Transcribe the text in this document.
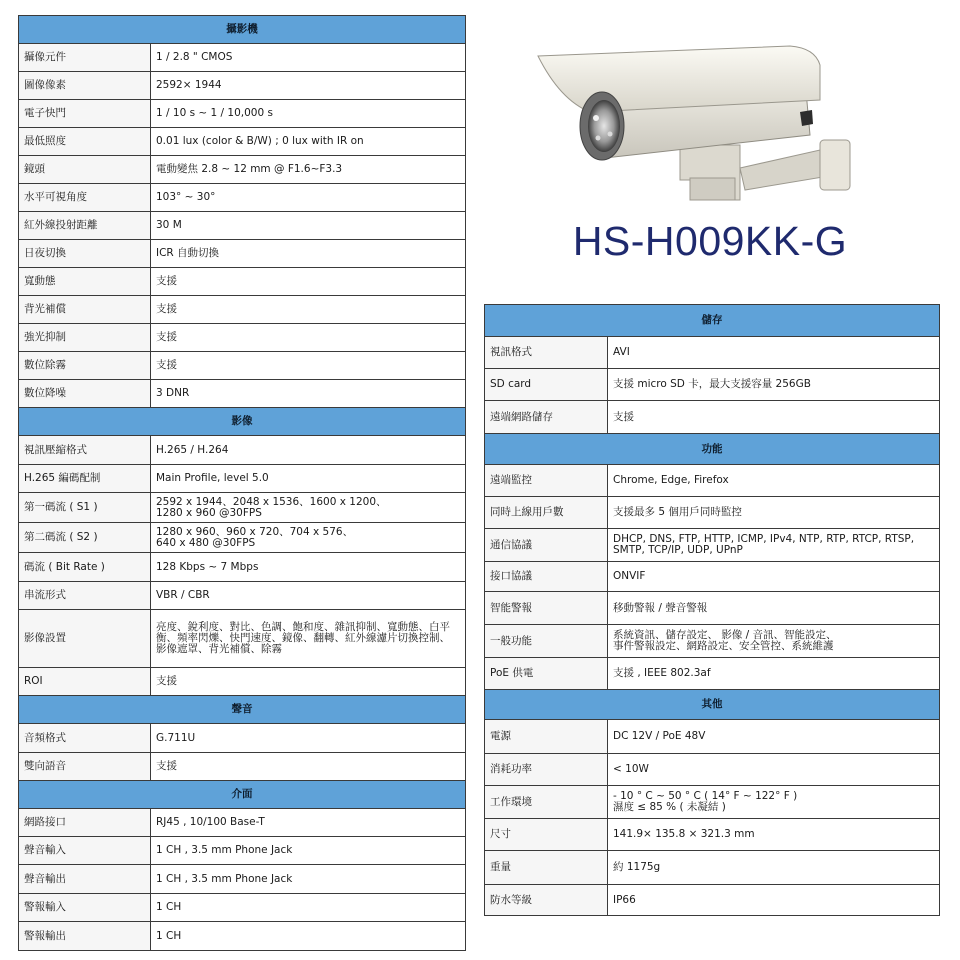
HS-H009KK-G
攝影機	
攝像元件	1 / 2.8 " CMOS
圖像像素	2592× 1944
電子快門	1 / 10 s ~ 1 / 10,000 s
最低照度	0.01 lux (color & B/W) ; 0 lux with IR on
鏡頭	電動變焦 2.8 ~ 12 mm @ F1.6~F3.3
水平可視角度	103° ~ 30°
紅外線投射距離	30 M
日夜切換	ICR 自動切換
寬動態	支援
背光補償	支援
強光抑制	支援
數位除霧	支援
數位降噪	3 DNR
影像	
視訊壓縮格式	H.265 / H.264
H.265 編碼配制	Main Profile, level 5.0
第一碼流 ( S1 )	2592 x 1944、2048 x 1536、1600 x 1200、
1280 x 960 @30FPS
第二碼流 ( S2 )	1280 x 960、960 x 720、704 x 576、
640 x 480 @30FPS
碼流 ( Bit Rate )	128 Kbps ~ 7 Mbps
串流形式	VBR / CBR
影像設置	亮度、銳利度、對比、色調、飽和度、雜訊抑制、寬動態、白平衡、頻率閃爍、快門速度、鏡像、翻轉、紅外線濾片切換控制、影像遮罩、背光補償、除霧
ROI	支援
聲音	
音頻格式	G.711U
雙向語音	支援
介面	
網路接口	RJ45 , 10/100 Base-T
聲音輸入	1 CH , 3.5 mm Phone Jack
聲音輸出	1 CH , 3.5 mm Phone Jack
警報輸入	1 CH
警報輸出	1 CH
儲存	
視訊格式	AVI
SD card	支援 micro SD 卡，最大支援容量 256GB
遠端網路儲存	支援
功能	
遠端監控	Chrome, Edge, Firefox
同時上線用戶數	支援最多 5 個用戶同時監控
通信協議	DHCP, DNS, FTP, HTTP, ICMP, IPv4, NTP, RTP, RTCP, RTSP, SMTP, TCP/IP, UDP, UPnP
接口協議	ONVIF
智能警報	移動警報 / 聲音警報
一般功能	系統資訊、儲存設定、 影像 / 音訊、智能設定、
事件警報設定、網路設定、安全管控、系統維護
PoE 供電	支援 , IEEE 802.3af
其他	
電源	DC 12V / PoE 48V
消耗功率	< 10W
工作環境	- 10 ° C ~ 50 ° C ( 14° F ~ 122° F )
濕度 ≤ 85 % ( 未凝結 )
尺寸	141.9× 135.8 × 321.3 mm
重量	約 1175g
防水等級	IP66
